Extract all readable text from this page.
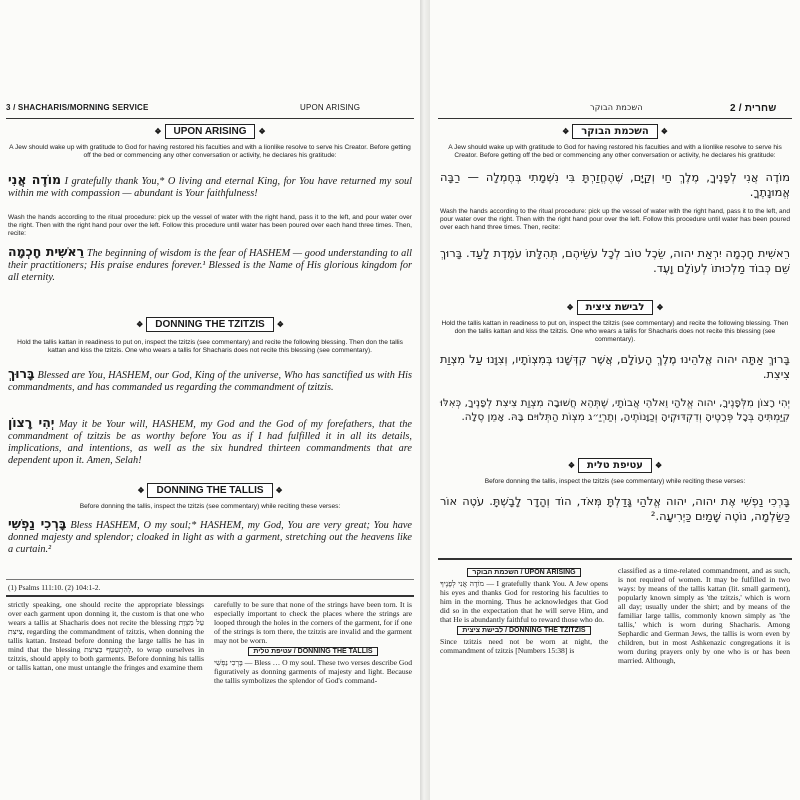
3 / SHACHARIS/MORNING SERVICE	UPON ARISING
❖ UPON ARISING ❖
A Jew should wake up with gratitude to God for having restored his faculties and with a lionlike resolve to serve his Creator. Before getting off the bed or commencing any other conversation or activity, he declares his gratitude:
מוֹדֶה אֲנִי I gratefully thank You,* O living and eternal King, for You have returned my soul within me with compassion — abundant is Your faithfulness!
Wash the hands according to the ritual procedure: pick up the vessel of water with the right hand, pass it to the left, and pour water over the right. Then with the right hand pour over the left. Follow this procedure until water has been poured over each hand three times. Then, recite:
רֵאשִׁית חָכְמָה The beginning of wisdom is the fear of HASHEM — good understanding to all their practitioners; His praise endures forever.¹ Blessed is the Name of His glorious kingdom for all eternity.
❖ DONNING THE TZITZIS ❖
Hold the tallis kattan in readiness to put on, inspect the tzitzis (see commentary) and recite the following blessing. Then don the tallis kattan and kiss the tzitzis. One who wears a tallis for Shacharis does not recite this blessing (see commentary).
בָּרוּךְ Blessed are You, HASHEM, our God, King of the universe, Who has sanctified us with His commandments, and has commanded us regarding the commandment of tzitzis.
יְהִי רָצוֹן May it be Your will, HASHEM, my God and the God of my forefathers, that the commandment of tzitzis be as worthy before You as if I had fulfilled it in all its details, implications, and intentions, as well as the six hundred thirteen commandments that are dependent upon it. Amen, Selah!
❖ DONNING THE TALLIS ❖
Before donning the tallis, inspect the tzitzis (see commentary) while reciting these verses:
בָּרְכִי נַפְשִׁי Bless HASHEM, O my soul;* HASHEM, my God, You are very great; You have donned majesty and splendor; cloaked in light as with a garment, stretching out the heavens like a curtain.²
(1) Psalms 111:10. (2) 104:1-2.
strictly speaking, one should recite the appropriate blessings over each garment upon donning it, the custom is that one who wears a tallis at Shacharis does not recite the blessing עַל מִצְוַת צִיצִת, regarding the commandment of tzitzis, when donning the tallis kattan. Instead before donning the large tallis he has in mind that the blessing לְהִתְעַטֵּף בַּצִּיצִת, to wrap ourselves in tzitzis, should apply to both garments. Before donning his tallis or tallis kattan, one must untangle the fringes and examine them
carefully to be sure that none of the strings have been torn. It is especially important to check the places where the strings are looped through the holes in the corners of the garment, for if one of the strings is torn there, the tzitzis are invalid and the garment may not be worn.
עטיפת טלית / DONNING THE TALLIS
בָּרְכִי נַפְשִׁי — Bless … O my soul. These two verses describe God figuratively as donning garments of majesty and light. Because the tallis symbolizes the splendor of God's command-
השכמת הבוקר	שחרית / 2
❖ השכמת הבוקר ❖
A Jew should wake up with gratitude to God for having restored his faculties and with a lionlike resolve to serve his Creator. Before getting off the bed or commencing any other conversation or activity, he declares his gratitude:
מוֹדֶה אֲנִי לְפָנֶיךָ, מֶלֶךְ חַי וְקַיָּם, שֶׁהֶחֱזַרְתָּ בִּי נִשְׁמָתִי בְּחֶמְלָה — רַבָּה אֱמוּנָתֶךָ.
Wash the hands according to the ritual procedure: pick up the vessel of water with the right hand, pass it to the left, and pour water over the right. Then with the right hand pour over the left. Follow this procedure until water has been poured over each hand three times. Then, recite:
רֵאשִׁית חָכְמָה יִרְאַת יהוה, שֵׂכֶל טוֹב לְכָל עֹשֵׂיהֶם, תְּהִלָּתוֹ עֹמֶדֶת לָעַד. בָּרוּךְ שֵׁם כְּבוֹד מַלְכוּתוֹ לְעוֹלָם וָעֶד.
❖ לבישת ציצית ❖
Hold the tallis kattan in readiness to put on, inspect the tzitzis (see commentary) and recite the following blessing. Then don the tallis kattan and kiss the tzitzis. One who wears a tallis for Shacharis does not recite this blessing (see commentary).
בָּרוּךְ אַתָּה יהוה אֱלֹהֵינוּ מֶלֶךְ הָעוֹלָם, אֲשֶׁר קִדְּשָׁנוּ בְּמִצְוֹתָיו, וְצִוָּנוּ עַל מִצְוַת צִיצִת.
יְהִי רָצוֹן מִלְּפָנֶיךָ, יהוה אֱלֹהַי וֵאלֹהֵי אֲבוֹתַי, שֶׁתְּהֵא חֲשׁוּבָה מִצְוַת צִיצִת לְפָנֶיךָ, כְּאִלּוּ קִיַּמְתִּיהָ בְּכָל פְּרָטֶיהָ וְדִקְדּוּקֶיהָ וְכַוָּנוֹתֶיהָ, וְתַרְיַ״ג מִצְוֹת הַתְּלוּיִם בָּהּ. אָמֵן סֶלָה.
❖ עטיפת טלית ❖
Before donning the tallis, inspect the tzitzis (see commentary) while reciting these verses:
בָּרְכִי נַפְשִׁי אֶת יהוה, יהוה אֱלֹהַי גָּדַלְתָּ מְּאֹד, הוֹד וְהָדָר לָבָשְׁתָּ. עֹטֶה אוֹר כַּשַּׂלְמָה, נוֹטֶה שָׁמַיִם כַּיְרִיעָה.²
השכמת הבוקר / UPON ARISING
מוֹדֶה אֲנִי לְפָנֶיךָ — I gratefully thank You. A Jew opens his eyes and thanks God for restoring his faculties to him in the morning. Thus he acknowledges that God did so in the expectation that he will serve Him, and that He is abundantly faithful to reward those who do.
לבישת ציצית / DONNING THE TZITZIS
Since tzitzis need not be worn at night, the commandment of tzitzis [Numbers 15:38] is
classified as a time-related commandment, and as such, is not required of women. It may be fulfilled in two ways: by means of the tallis kattan (lit. small garment), popularly known simply as 'the tzitzis,' which is worn all day; usually under the shirt; and by means of the familiar large tallis, commonly known simply as 'the tallis,' which is worn during Shacharis. Among Sephardic and German Jews, the tallis is worn even by children, but in most Ashkenazic congregations it is worn during prayers only by one who is or has been married. Although,
